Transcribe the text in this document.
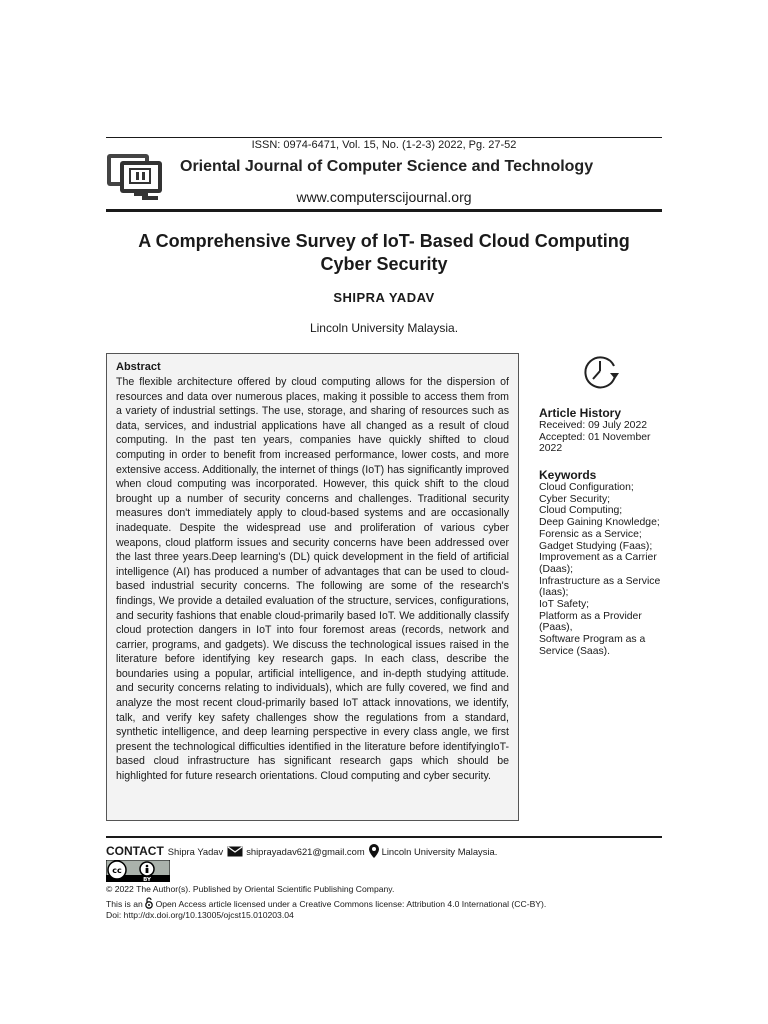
ISSN: 0974-6471, Vol. 15, No. (1-2-3) 2022, Pg. 27-52
Oriental Journal of Computer Science and Technology
www.computerscijournal.org
A Comprehensive Survey of IoT- Based Cloud Computing
Cyber Security
SHIPRA YADAV
Lincoln University Malaysia.

Abstract

The flexible architecture offered by cloud computing allows for the dispersion of resources and data over numerous places, making it possible to access them from a variety of industrial settings. The use, storage, and sharing of resources such as data, services, and industrial applications have all changed as a result of cloud computing. In the past ten years, companies have quickly shifted to cloud computing in order to benefit from increased performance, lower costs, and more extensive access. Additionally, the internet of things (IoT) has significantly improved when cloud computing was incorporated. However, this quick shift to the cloud brought up a number of security concerns and challenges. Traditional security measures don't immediately apply to cloud-based systems and are occasionally inadequate. Despite the widespread use and proliferation of various cyber weapons, cloud platform issues and security concerns have been addressed over the last three years.Deep learning's (DL) quick development in the field of artificial intelligence (AI) has produced a number of advantages that can be used to cloud-based industrial security concerns. The following are some of the research's findings, We provide a detailed evaluation of the structure, services, configurations, and security fashions that enable cloud-primarily based IoT. We additionally classify cloud protection dangers in IoT into four foremost areas (records, network and carrier, programs, and gadgets). We discuss the technological issues raised in the literature before identifying key research gaps. In each class, describe the boundaries using a popular, artificial intelligence, and in-depth studying attitude. and security concerns relating to individuals), which are fully covered, we find and analyze the most recent cloud-primarily based IoT attack innovations, we identify, talk, and verify key safety challenges show the regulations from a standard, synthetic intelligence, and deep learning perspective in every class angle, we first present the technological difficulties identified in the literature before identifyingIoT-based cloud infrastructure has significant research gaps which should be highlighted for future research orientations. Cloud computing and cyber security.

Article History

Received: 09 July 2022

Accepted: 01 November 2022

Keywords

Cloud Configuration;

Cyber Security;

Cloud Computing;

Deep Gaining Knowledge;

Forensic as a Service;

Gadget Studying (Faas);

Improvement as a Carrier (Daas);

Infrastructure as a Service (Iaas);

IoT Safety;

Platform as a Provider (Paas),

Software Program as a Service (Saas).

CONTACT Shipra Yadav shiprayadav621@gmail.com Lincoln University Malaysia.
cc
BY
© 2022 The Author(s). Published by Oriental Scientific Publishing Company.
This is an Open Access article licensed under a Creative Commons license: Attribution 4.0 International (CC-BY).
Doi: http://dx.doi.org/10.13005/ojcst15.010203.04
